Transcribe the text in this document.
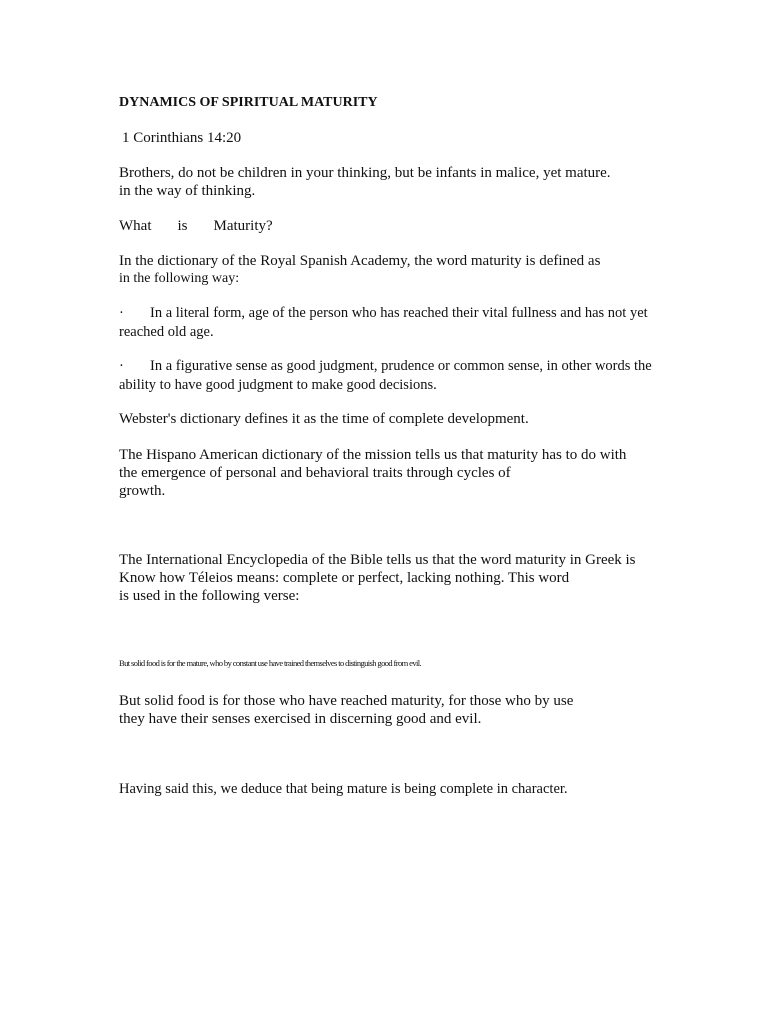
DYNAMICS OF SPIRITUAL MATURITY

1 Corinthians 14:20

Brothers, do not be children in your thinking, but be infants in malice, yet mature.
in the way of thinking.

What is Maturity?

In the dictionary of the Royal Spanish Academy, the word maturity is defined as
in the following way:

· In a literal form, age of the person who has reached their vital fullness and has not yet
reached old age.
· In a figurative sense as good judgment, prudence or common sense, in other words the
ability to have good judgment to make good decisions.

Webster's dictionary defines it as the time of complete development.

The Hispano American dictionary of the mission tells us that maturity has to do with
the emergence of personal and behavioral traits through cycles of
growth.

The International Encyclopedia of the Bible tells us that the word maturity in Greek is
Know how Téleios means: complete or perfect, lacking nothing. This word
is used in the following verse:

But solid food is for the mature, who by constant use have trained themselves to distinguish good from evil.

But solid food is for those who have reached maturity, for those who by use
they have their senses exercised in discerning good and evil.

Having said this, we deduce that being mature is being complete in character.
